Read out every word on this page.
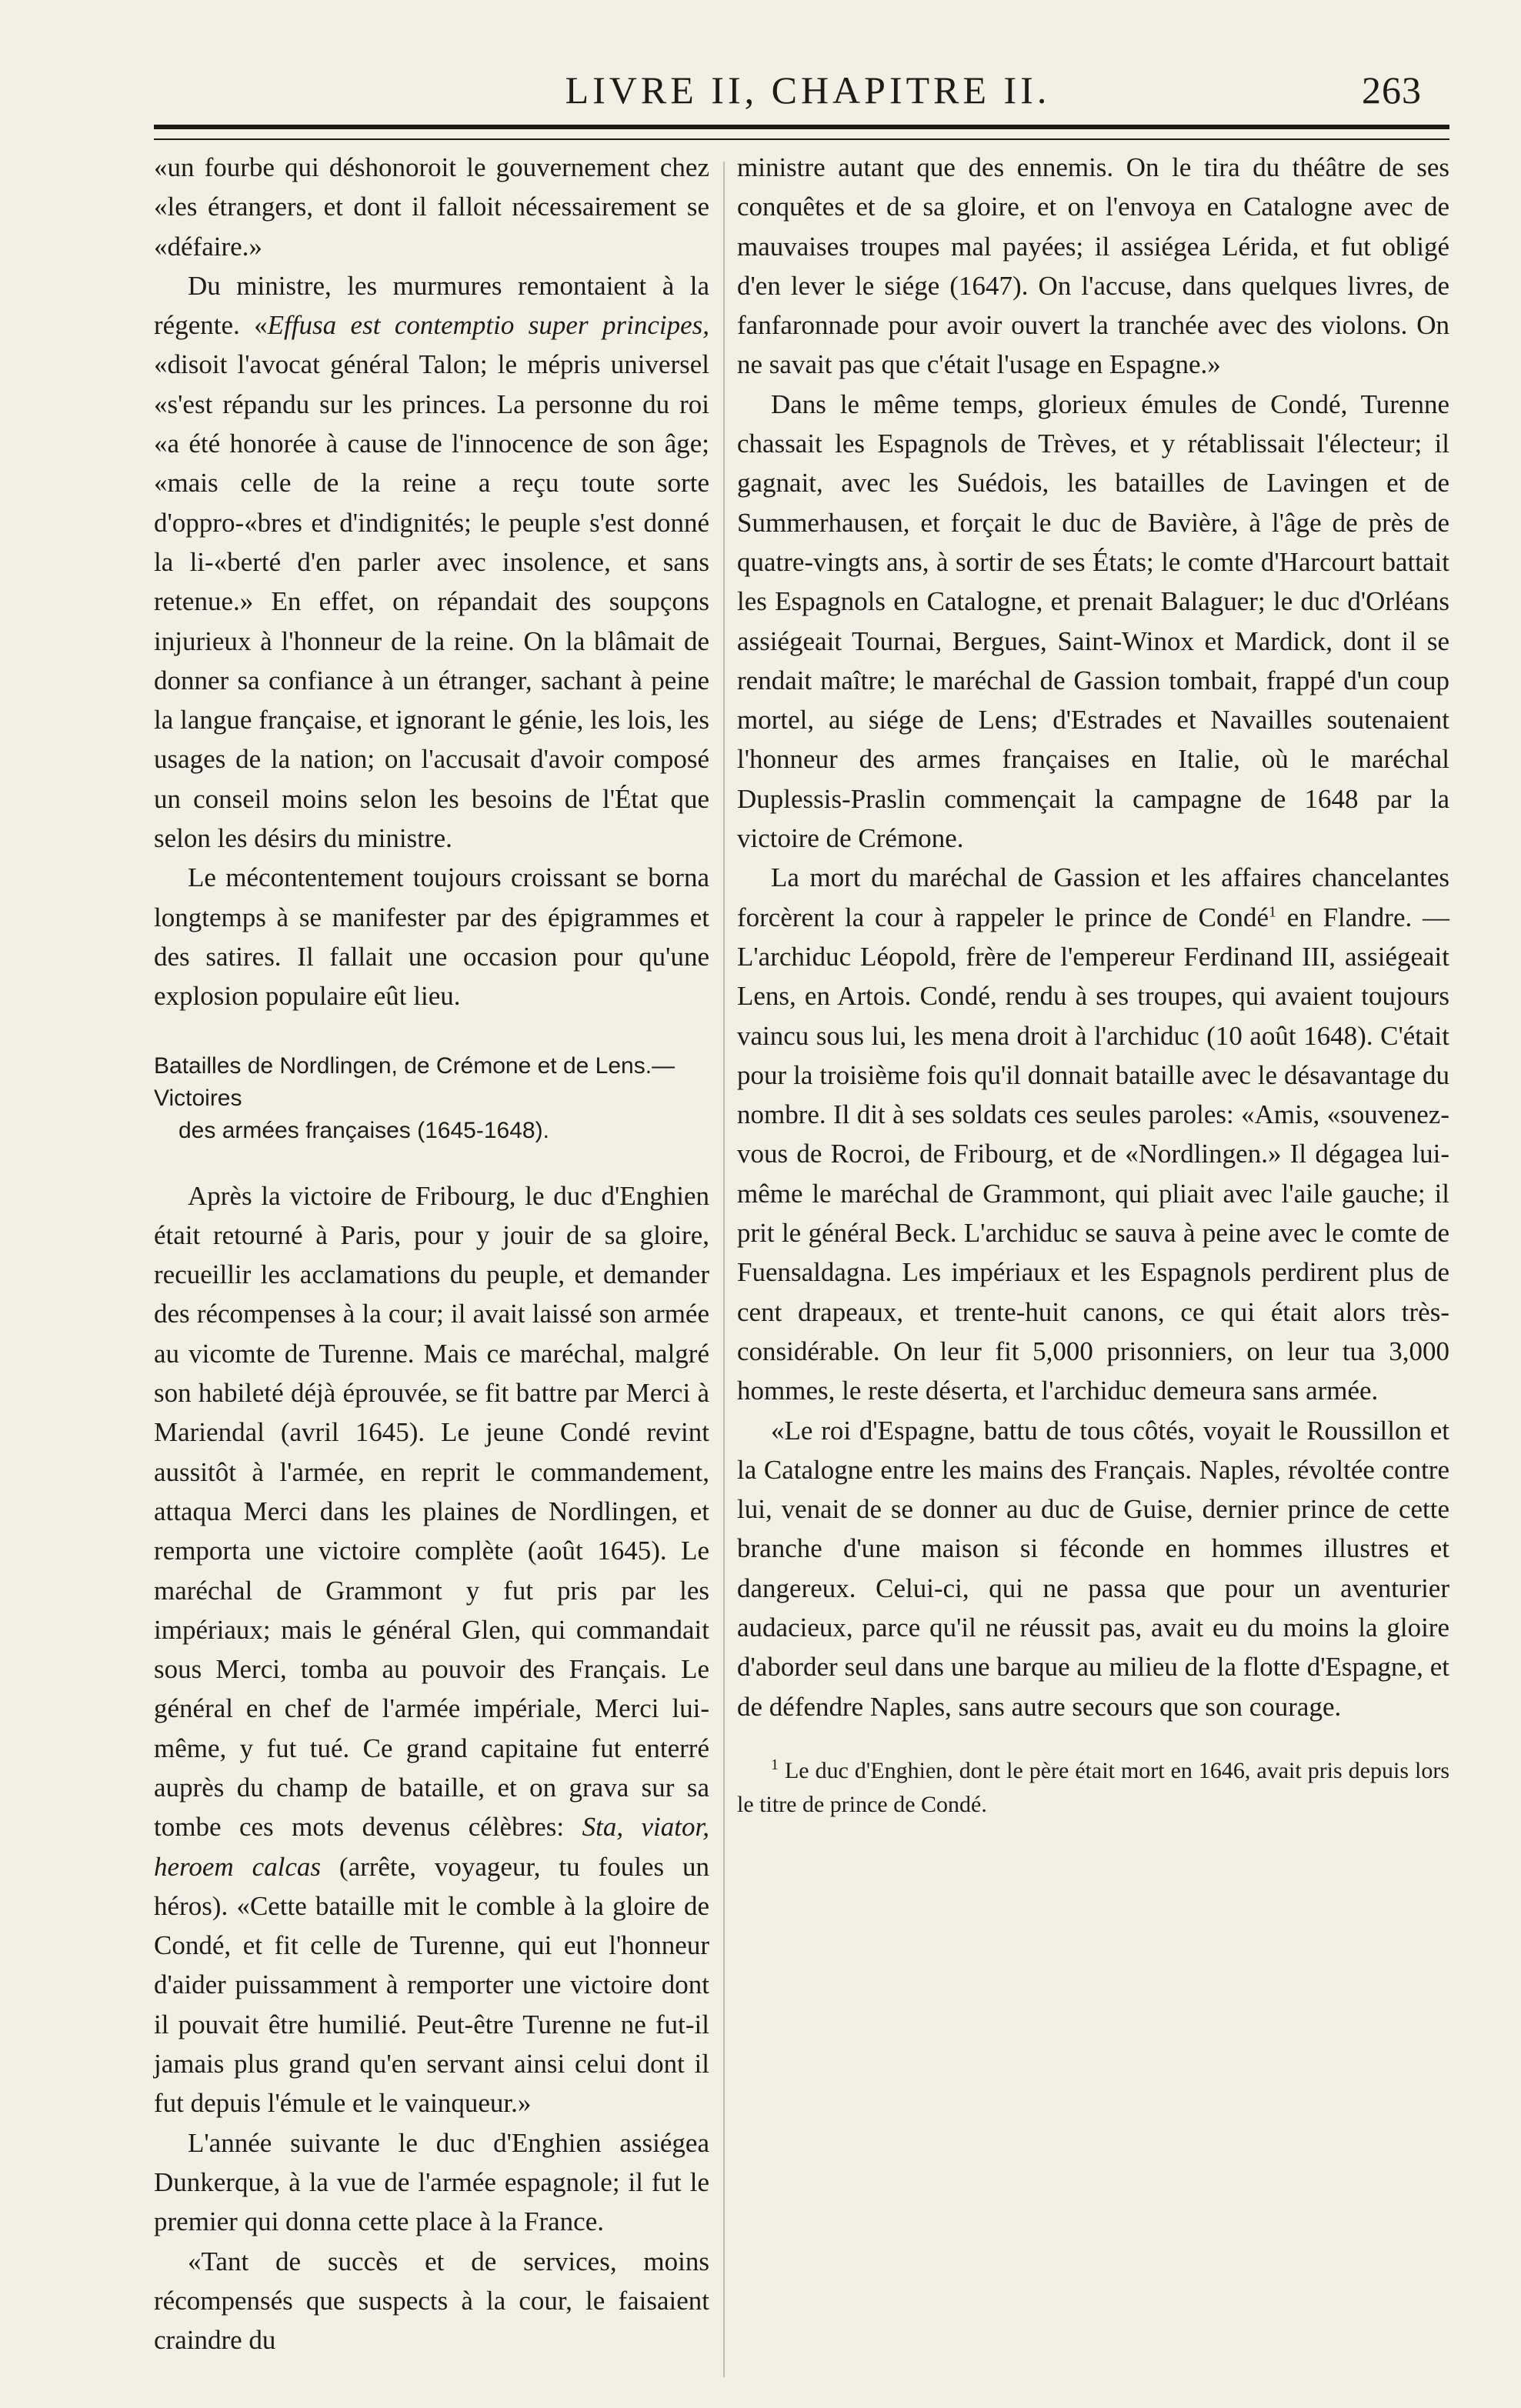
LIVRE II, CHAPITRE II.	263

«un fourbe qui déshonoroit le gouvernement chez «les étrangers, et dont il falloit nécessairement se «défaire.»

Du ministre, les murmures remontaient à la régente. «Effusa est contemptio super principes, «disoit l'avocat général Talon; le mépris universel «s'est répandu sur les princes. La personne du roi «a été honorée à cause de l'innocence de son âge; «mais celle de la reine a reçu toute sorte d'oppro-«bres et d'indignités; le peuple s'est donné la li-«berté d'en parler avec insolence, et sans retenue.» En effet, on répandait des soupçons injurieux à l'honneur de la reine. On la blâmait de donner sa confiance à un étranger, sachant à peine la langue française, et ignorant le génie, les lois, les usages de la nation; on l'accusait d'avoir composé un conseil moins selon les besoins de l'État que selon les désirs du ministre.

Le mécontentement toujours croissant se borna longtemps à se manifester par des épigrammes et des satires. Il fallait une occasion pour qu'une explosion populaire eût lieu.

Batailles de Nordlingen, de Crémone et de Lens.—Victoires
des armées françaises (1645-1648).

Après la victoire de Fribourg, le duc d'Enghien était retourné à Paris, pour y jouir de sa gloire, recueillir les acclamations du peuple, et demander des récompenses à la cour; il avait laissé son armée au vicomte de Turenne. Mais ce maréchal, malgré son habileté déjà éprouvée, se fit battre par Merci à Mariendal (avril 1645). Le jeune Condé revint aussitôt à l'armée, en reprit le commandement, attaqua Merci dans les plaines de Nordlingen, et remporta une victoire complète (août 1645). Le maréchal de Grammont y fut pris par les impériaux; mais le général Glen, qui commandait sous Merci, tomba au pouvoir des Français. Le général en chef de l'armée impériale, Merci lui-même, y fut tué. Ce grand capitaine fut enterré auprès du champ de bataille, et on grava sur sa tombe ces mots devenus célèbres: Sta, viator, heroem calcas (arrête, voyageur, tu foules un héros). «Cette bataille mit le comble à la gloire de Condé, et fit celle de Turenne, qui eut l'honneur d'aider puissamment à remporter une victoire dont il pouvait être humilié. Peut-être Turenne ne fut-il jamais plus grand qu'en servant ainsi celui dont il fut depuis l'émule et le vainqueur.»

L'année suivante le duc d'Enghien assiégea Dunkerque, à la vue de l'armée espagnole; il fut le premier qui donna cette place à la France.

«Tant de succès et de services, moins récompensés que suspects à la cour, le faisaient craindre du

ministre autant que des ennemis. On le tira du théâtre de ses conquêtes et de sa gloire, et on l'envoya en Catalogne avec de mauvaises troupes mal payées; il assiégea Lérida, et fut obligé d'en lever le siége (1647). On l'accuse, dans quelques livres, de fanfaronnade pour avoir ouvert la tranchée avec des violons. On ne savait pas que c'était l'usage en Espagne.»

Dans le même temps, glorieux émules de Condé, Turenne chassait les Espagnols de Trèves, et y rétablissait l'électeur; il gagnait, avec les Suédois, les batailles de Lavingen et de Summerhausen, et forçait le duc de Bavière, à l'âge de près de quatre-vingts ans, à sortir de ses États; le comte d'Harcourt battait les Espagnols en Catalogne, et prenait Balaguer; le duc d'Orléans assiégeait Tournai, Bergues, Saint-Winox et Mardick, dont il se rendait maître; le maréchal de Gassion tombait, frappé d'un coup mortel, au siége de Lens; d'Estrades et Navailles soutenaient l'honneur des armes françaises en Italie, où le maréchal Duplessis-Praslin commençait la campagne de 1648 par la victoire de Crémone.

La mort du maréchal de Gassion et les affaires chancelantes forcèrent la cour à rappeler le prince de Condé$^1$ en Flandre. — L'archiduc Léopold, frère de l'empereur Ferdinand III, assiégeait Lens, en Artois. Condé, rendu à ses troupes, qui avaient toujours vaincu sous lui, les mena droit à l'archiduc (10 août 1648). C'était pour la troisième fois qu'il donnait bataille avec le désavantage du nombre. Il dit à ses soldats ces seules paroles: «Amis, «souvenez-vous de Rocroi, de Fribourg, et de «Nordlingen.» Il dégagea lui-même le maréchal de Grammont, qui pliait avec l'aile gauche; il prit le général Beck. L'archiduc se sauva à peine avec le comte de Fuensaldagna. Les impériaux et les Espagnols perdirent plus de cent drapeaux, et trente-huit canons, ce qui était alors très-considérable. On leur fit 5,000 prisonniers, on leur tua 3,000 hommes, le reste déserta, et l'archiduc demeura sans armée.

«Le roi d'Espagne, battu de tous côtés, voyait le Roussillon et la Catalogne entre les mains des Français. Naples, révoltée contre lui, venait de se donner au duc de Guise, dernier prince de cette branche d'une maison si féconde en hommes illustres et dangereux. Celui-ci, qui ne passa que pour un aventurier audacieux, parce qu'il ne réussit pas, avait eu du moins la gloire d'aborder seul dans une barque au milieu de la flotte d'Espagne, et de défendre Naples, sans autre secours que son courage.

$^1$ Le duc d'Enghien, dont le père était mort en 1646, avait pris depuis lors le titre de prince de Condé.
